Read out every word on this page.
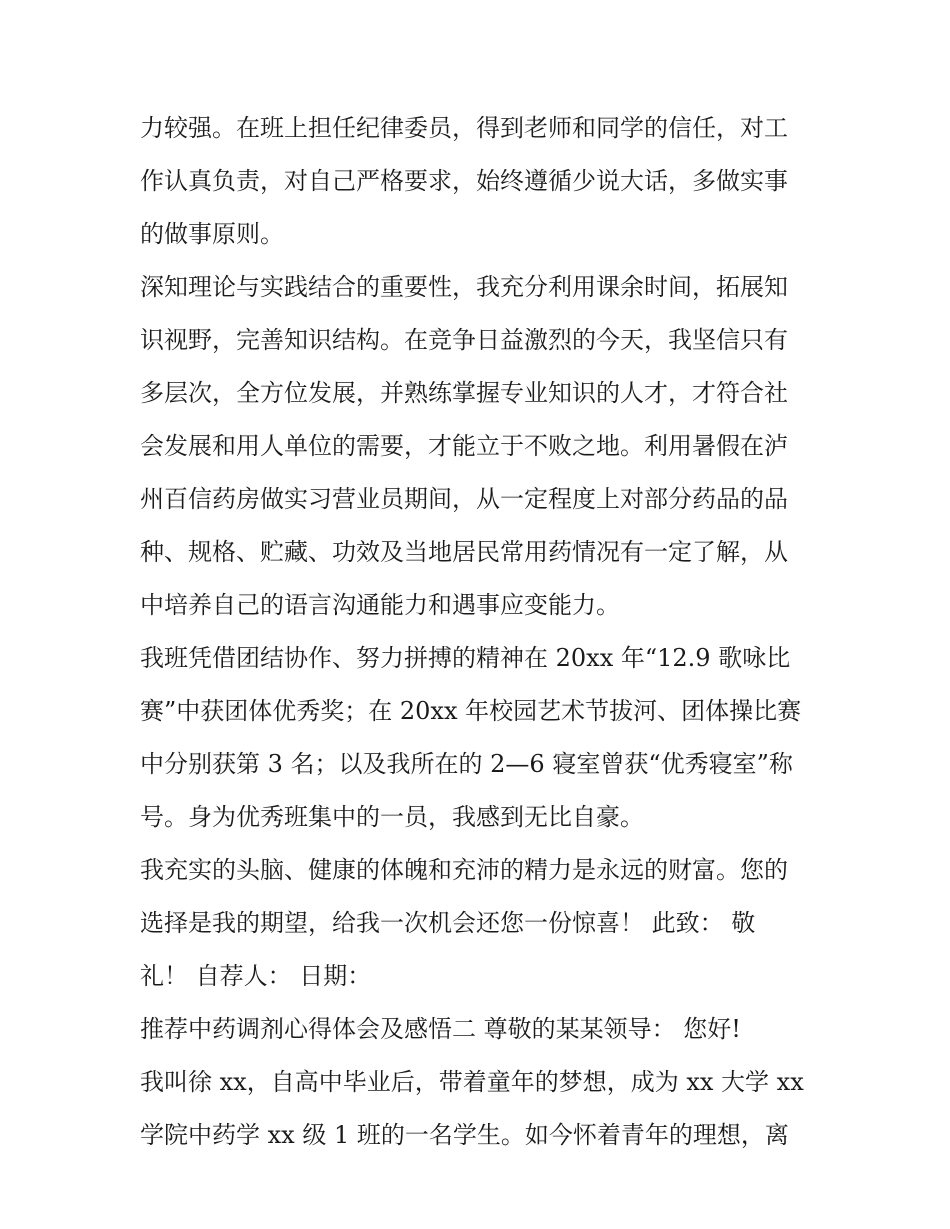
力较强。在班上担任纪律委员，得到老师和同学的信任，对工
作认真负责，对自己严格要求，始终遵循少说大话，多做实事
的做事原则。
深知理论与实践结合的重要性，我充分利用课余时间，拓展知
识视野，完善知识结构。在竞争日益激烈的今天，我坚信只有
多层次，全方位发展，并熟练掌握专业知识的人才，才符合社
会发展和用人单位的需要，才能立于不败之地。利用暑假在泸
州百信药房做实习营业员期间，从一定程度上对部分药品的品
种、规格、贮藏、功效及当地居民常用药情况有一定了解，从
中培养自己的语言沟通能力和遇事应变能力。
我班凭借团结协作、努力拼搏的精神在 20xx 年“12.9 歌咏比
赛”中获团体优秀奖；在 20xx 年校园艺术节拔河、团体操比赛
中分别获第 3 名；以及我所在的 2—6 寝室曾获“优秀寝室”称
号。身为优秀班集中的一员，我感到无比自豪。
我充实的头脑、健康的体魄和充沛的精力是永远的财富。您的
选择是我的期望，给我一次机会还您一份惊喜！ 此致： 敬
礼！ 自荐人： 日期：
推荐中药调剂心得体会及感悟二 尊敬的某某领导： 您好!
我叫徐 xx，自高中毕业后，带着童年的梦想，成为 xx 大学 xx
学院中药学 xx 级 1 班的一名学生。如今怀着青年的理想，离
